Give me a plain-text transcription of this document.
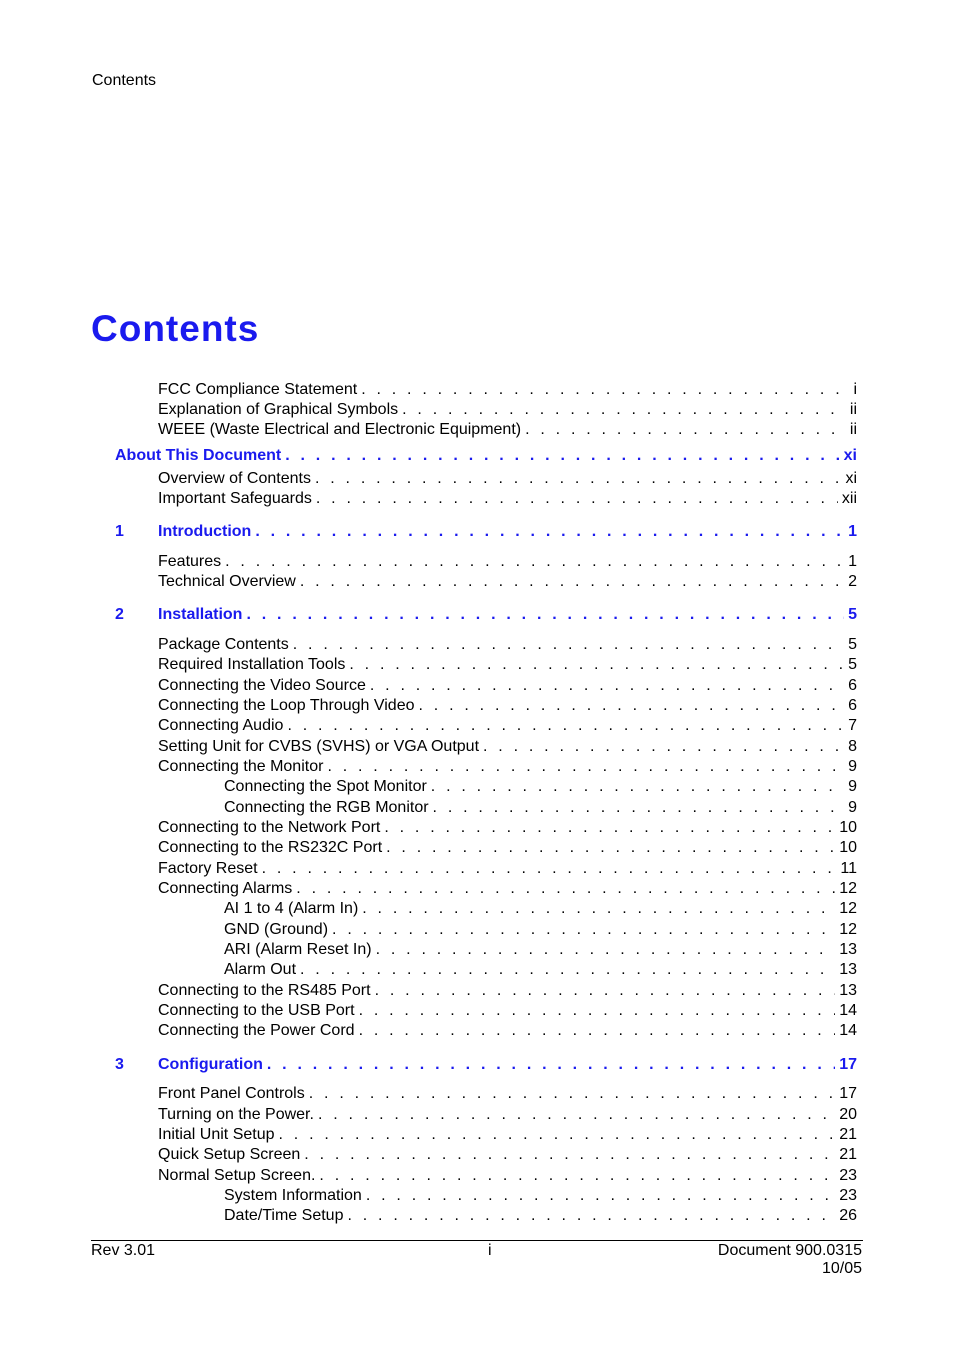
Contents
Contents
FCC Compliance Statement . . .	i
Explanation of Graphical Symbols . . .	ii
WEEE (Waste Electrical and Electronic Equipment) . . .	ii
About This Document . . .	xi
Overview of Contents . . .	xi
Important Safeguards . . .	xii
1	Introduction . . .	1
Features . . .	1
Technical Overview . . .	2
2	Installation . . .	5
Package Contents . . .	5
Required Installation Tools . . .	5
Connecting the Video Source . . .	6
Connecting the Loop Through Video . . .	6
Connecting Audio . . .	7
Setting Unit for CVBS (SVHS) or VGA Output . . .	8
Connecting the Monitor . . .	9
Connecting the Spot Monitor . . .	9
Connecting the RGB Monitor . . .	9
Connecting to the Network Port . . .	10
Connecting to the RS232C Port . . .	10
Factory Reset . . .	11
Connecting Alarms . . .	12
AI 1 to 4 (Alarm In) . . .	12
GND (Ground) . . .	12
ARI (Alarm Reset In) . . .	13
Alarm Out . . .	13
Connecting to the RS485 Port . . .	13
Connecting to the USB Port . . .	14
Connecting the Power Cord . . .	14
3	Configuration . . .	17
Front Panel Controls . . .	17
Turning on the Power. . . .	20
Initial Unit Setup . . .	21
Quick Setup Screen . . .	21
Normal Setup Screen. . . .	23
System Information . . .	23
Date/Time Setup . . .	26
Rev 3.01	i	Document 900.0315
10/05
